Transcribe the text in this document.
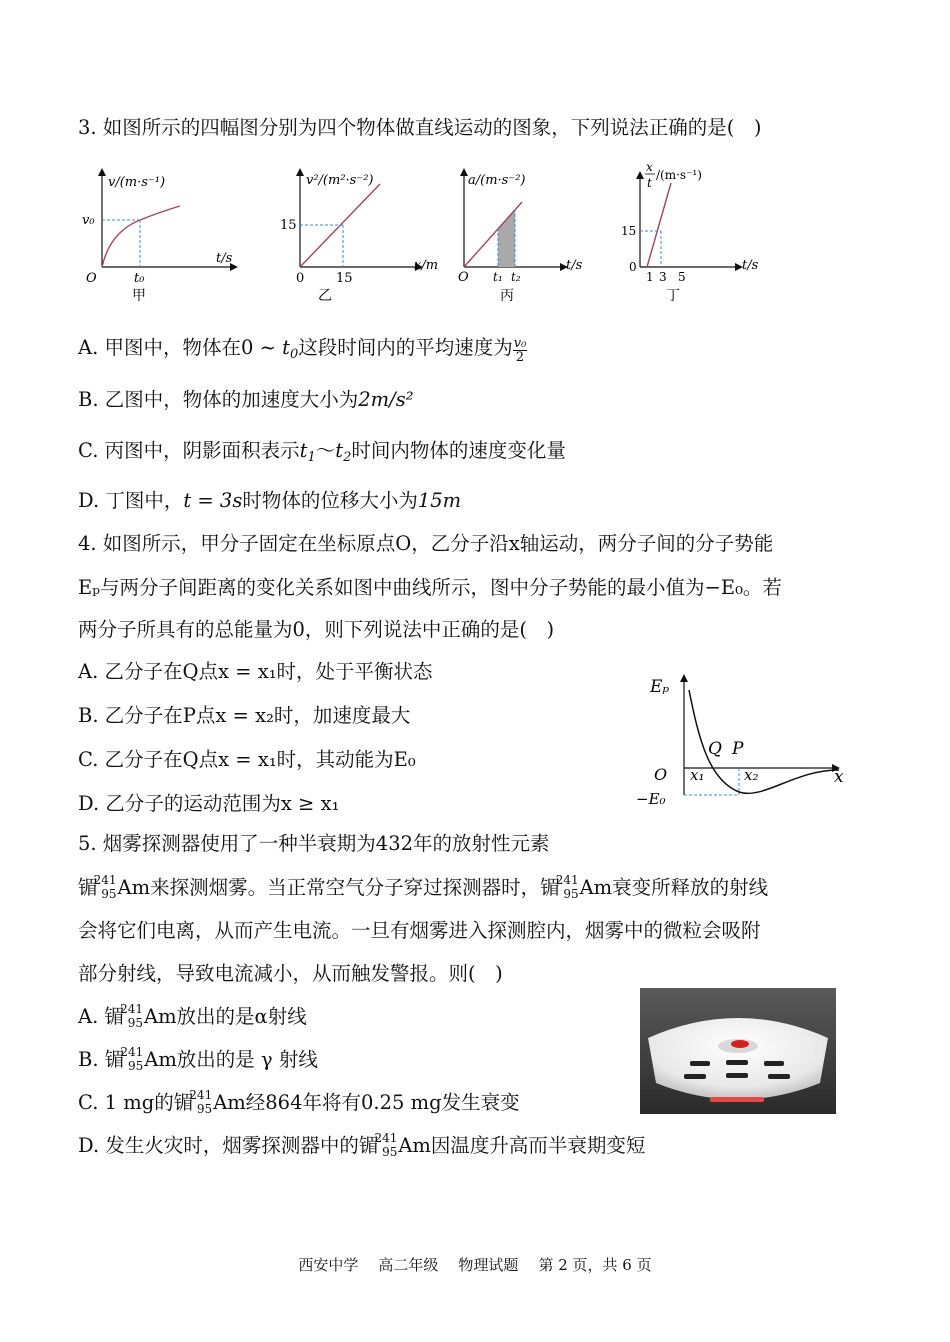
3. 如图所示的四幅图分别为四个物体做直线运动的图象，下列说法正确的是(　)
v/(m·s⁻¹)
t/s
v₀
t₀
O
甲
v²/(m²·s⁻²)
x/m
15
15
0
乙
a/(m·s⁻²)
t/s
t₁ t₂
O
丙
x
t
/(m·s⁻¹)
t/s
15
1 3 5
0
丁
A. 甲图中，物体在0 ~ $t_0$这段时间内的平均速度为 $\frac{\text{v₀}}{2}$
B. 乙图中，物体的加速度大小为2m/s²
C. 丙图中，阴影面积表示$t_1\sim t_2$时间内物体的速度变化量
D. 丁图中，t = 3s时物体的位移大小为15m
4. 如图所示，甲分子固定在坐标原点O，乙分子沿x轴运动，两分子间的分子势能
Eₚ与两分子间距离的变化关系如图中曲线所示，图中分子势能的最小值为−E₀。若
两分子所具有的总能量为0，则下列说法中正确的是(　)
A. 乙分子在Q点x = x₁时，处于平衡状态
B. 乙分子在P点x = x₂时，加速度最大
C. 乙分子在Q点x = x₁时，其动能为E₀
D. 乙分子的运动范围为x ≥ x₁
Eₚ
x
O
Q P
x₁	x₂
−E₀
5. 烟雾探测器使用了一种半衰期为432年的放射性元素
镅
241
95 Am来探测烟雾。当正常空气分子穿过探测器时，镅
241
95 Am衰变所释放的射线
会将它们电离，从而产生电流。一旦有烟雾进入探测腔内，烟雾中的微粒会吸附
部分射线，导致电流减小，从而触发警报。则(　)
A. 镅
241
95 Am放出的是α射线
B. 镅
241
95 Am放出的是 γ 射线
C. 1 mg的镅
241
95 Am经864年将有0.25 mg发生衰变
D. 发生火灾时，烟雾探测器中的镅
241
95 Am因温度升高而半衰期变短
西安中学 高二年级 物理试题 第 2 页，共 6 页
